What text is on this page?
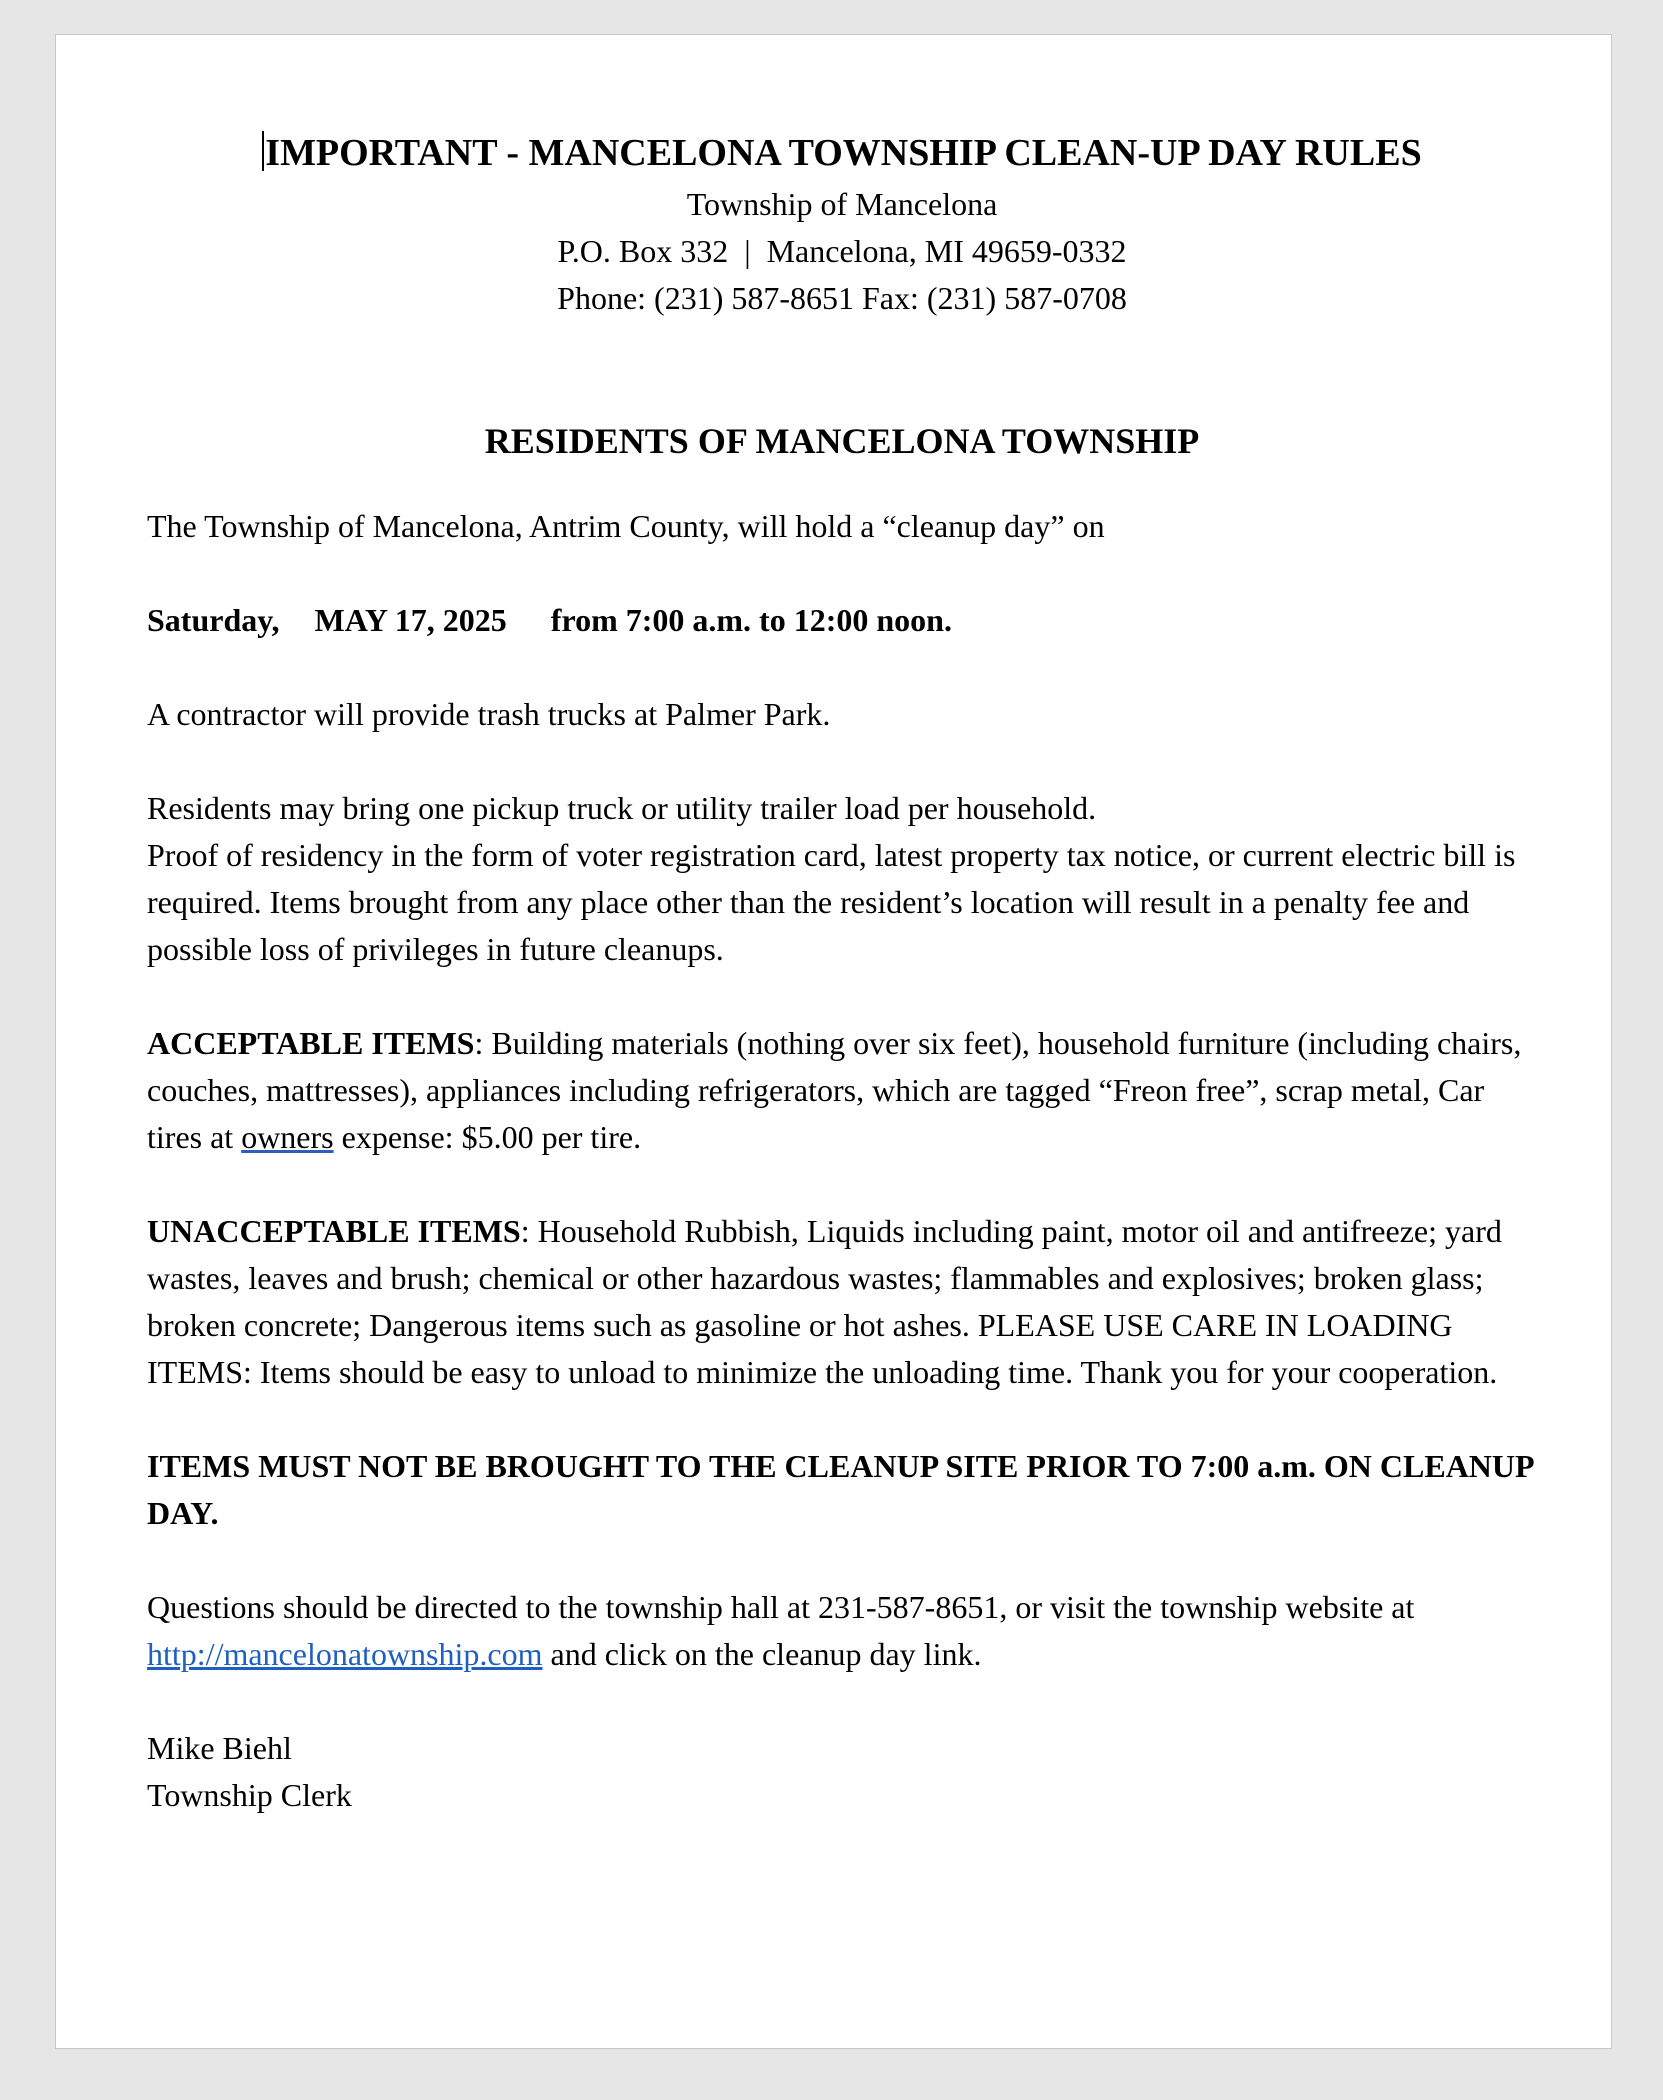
IMPORTANT - MANCELONA TOWNSHIP CLEAN-UP DAY RULES
Township of Mancelona
P.O. Box 332 | Mancelona, MI 49659-0332
Phone: (231) 587-8651 Fax: (231) 587-0708
RESIDENTS OF MANCELONA TOWNSHIP

The Township of Mancelona, Antrim County, will hold a “cleanup day” on

Saturday, MAY 17, 2025 from 7:00 a.m. to 12:00 noon.

A contractor will provide trash trucks at Palmer Park.

Residents may bring one pickup truck or utility trailer load per household.

Proof of residency in the form of voter registration card, latest property tax notice, or current electric bill is required. Items brought from any place other than the resident’s location will result in a penalty fee and possible loss of privileges in future cleanups.

ACCEPTABLE ITEMS: Building materials (nothing over six feet), household furniture (including chairs, couches, mattresses), appliances including refrigerators, which are tagged “Freon free”, scrap metal, Car tires at owners expense: $5.00 per tire.

UNACCEPTABLE ITEMS: Household Rubbish, Liquids including paint, motor oil and antifreeze; yard wastes, leaves and brush; chemical or other hazardous wastes; flammables and explosives; broken glass; broken concrete; Dangerous items such as gasoline or hot ashes. PLEASE USE CARE IN LOADING ITEMS: Items should be easy to unload to minimize the unloading time. Thank you for your cooperation.

ITEMS MUST NOT BE BROUGHT TO THE CLEANUP SITE PRIOR TO 7:00 a.m. ON CLEANUP DAY.

Questions should be directed to the township hall at 231-587-8651, or visit the township website at http://mancelonatownship.com and click on the cleanup day link.

Mike Biehl

Township Clerk
